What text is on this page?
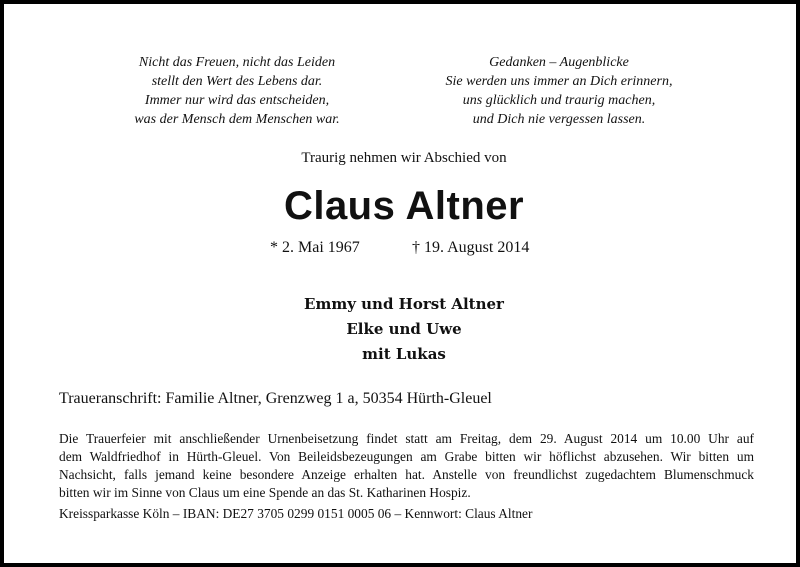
Nicht das Freuen, nicht das Leiden
stellt den Wert des Lebens dar.
Immer nur wird das entscheiden,
was der Mensch dem Menschen war.
Gedanken – Augenblicke
Sie werden uns immer an Dich erinnern,
uns glücklich und traurig machen,
und Dich nie vergessen lassen.
Traurig nehmen wir Abschied von
Claus Altner
* 2. Mai 1967	† 19. August 2014
Emmy und Horst Altner
Elke und Uwe
mit Lukas
Traueranschrift: Familie Altner, Grenzweg 1 a, 50354 Hürth-Gleuel
Die Trauerfeier mit anschließender Urnenbeisetzung findet statt am Freitag, dem 29. August 2014 um 10.00 Uhr auf
dem Waldfriedhof in Hürth-Gleuel. Von Beileidsbezeugungen am Grabe bitten wir höflichst abzusehen. Wir bitten um
Nachsicht, falls jemand keine besondere Anzeige erhalten hat. Anstelle von freundlichst zugedachtem Blumenschmuck
bitten wir im Sinne von Claus um eine Spende an das St. Katharinen Hospiz.
Kreissparkasse Köln – IBAN: DE27 3705 0299 0151 0005 06 – Kennwort: Claus Altner
